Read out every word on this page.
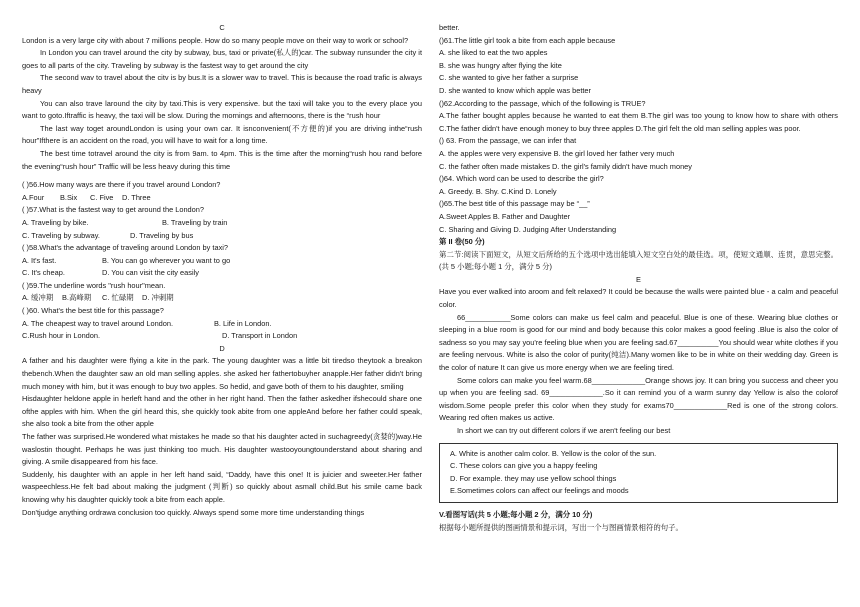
C

London is a very large city with about 7 millions people. How do so many people move on their way to work or school?

In London you can travel around the city by subway, bus, taxi or private(私人的)car. The subway runsunder the city it goes to all parts of the city. Traveling by subway is the fastest way to get around the city

The second wav to travel about the citv is by bus.It is a slower wav to travel. This is because the road trafic is always heavy

You can also trave laround the city by taxi.This is very expensive. but the taxi will take you to the every place you want to goto.Iftraffic is heavy, the taxi will be slow. During the mornings and afternoons, there is the “rush hour

The last way toget aroundLondon is using your own car. It isnconvenient(不方便的)if you are driving inthe“rush hour”Ifthere is an accident on the road, you will have to wait for a long time.

The best time totravel around the city is from 9am. to 4pm. This is the time after the morning“rush hou rand before the evening“rush hour” Traffic will be less heavy during this time

( )56.How many ways are there if you travel around London?

A.Four	B.Six	C. Five	D. Three

( )57.What is the fastest way to get around the London?

A. Traveling by bike.	B. Traveling by train
C. Traveling by subway.	D. Traveling by bus

( )58.What's the advantage of traveling around London by taxi?

A. It's fast.	B. You can go wherever you want to go
C. It's cheap.	D. You can visit the city easily

( )59.The underline words "rush hour"mean.

A. 缓冲期	B.高峰期	C. 忙碌期	D. 冲刺期

( )60. What's the best title for this passage?

A. The cheapest way to travel around London.	B. Life in London.
C.Rush hour in London.	D. Transport in London

D

A father and his daughter were flying a kite in the park. The young daughter was a little bit tiredso theytook a breakon thebench.When the daughter saw an old man selling apples. she asked her fathertobuyher anapple.Her father didn't bring much money with him, but it was enough to buy two apples. So hedid, and gave both of them to his daughter, smiling

Hisdaughter heldone apple in herleft hand and the other in her right hand. Then the father askedher ifshecould share one ofthe apples with him. When the girl heard this, she quickly took abite from one appleAnd before her father could speak, she also took a bite from the other apple

The father was surprised.He wondered what mistakes he made so that his daughter acted in suchagreedy(贪婪的)way.He waslostin thought. Perhaps he was just thinking too much. His daughter wastooyoungtounderstand about sharing and giving. A smile disappeared from his face.

Suddenly, his daughter with an apple in her left hand said, “Daddy, have this one! It is juicier and sweeter.Her father waspeechless.He felt bad about making the judgment (判断) so quickly about asmall child.But his smile came back knowing why his daughter quickly took a bite from each apple.

Don'tjudge anything ordrawa conclusion too quickly. Always spend some more time understanding things

better.

()61.The little girl took a bite from each apple because

A. she liked to eat the two apples

B. she was hungry after flying the kite

C. she wanted to give her father a surprise

D. she wanted to know which apple was better

()62.According to the passage, which of the following is TRUE?

A.The father bought apples because he wanted to eat them B.The girl was too young to know how to share with others C.The father didn't have enough money to buy three apples D.The girl felt the old man selling apples was poor.

() 63. From the passage, we can infer that

A. the apples were very expensive B. the girl loved her father very much

C. the father often made mistakes D. the girl's family didn't have much money

()64. Which word can be used to describe the girl?

A. Greedy. B. Shy. C.Kind D. Lonely

()65.The best title of this passage may be “__”

A.Sweet Apples B. Father and Daughter

C. Sharing and Giving D. Judging After Understanding

第 II 卷(50 分)

第二节:阅读下面短文，从短文后所给的五个选项中选出能填入短文空白处的最佳选。项，使短文通顺、连贯，意思完整。(共 5 小题;每小题 1 分，满分 5 分)

E

Have you ever walked into aroom and felt relaxed? It could be because the walls were painted blue - a calm and peaceful color.

66___________Some colors can make us feel calm and peaceful. Blue is one of these. Wearing blue clothes or sleeping in a blue room is good for our mind and body because this color makes a good feeling .Blue is also the color of sadness so you may say you're feeling blue when you are feeling sad.67__________You should wear white clothes if you are feeling nervous. White is also the color of purity(纯洁).Many women like to be in white on their wedding day. Green is the color of nature It can give us more energy when we are feeling tired.

Some colors can make you feel warm.68_____________Orange shows joy. It can bring you success and cheer you up when you are feeling sad. 69_____________.So it can remind you of a warm sunny day Yellow is also the colorof wisdom.Some people prefer this color when they study for exams70_____________Red is one of the strong colors. Wearing red often makes us active.

In short we can try out different colors if we aren't feeling our best

A. White is another calm color. B. Yellow is the color of the sun.

C. These colors can give you a happy feeling

D. For example. they may use yellow school things

E.Sometimes colors can affect our feelings and moods

V.看图写话(共 5 小题;每小题 2 分，满分 10 分)

根据每小题所提供的图画情景和提示词，写出一个与图画情景相符的句子。
